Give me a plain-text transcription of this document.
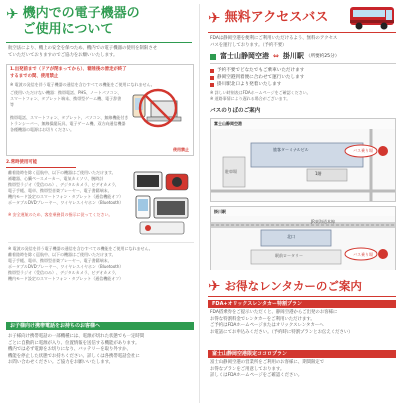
✈ 機内での電子機器の
ご使用について
航空法により、機上の安全を保つため、機内での電子機器の使用を制限させ
ていただいておりますのでご協力をお願いいたします。
1.出発前まで（ドアが閉まってから）、着陸後の滑走が終了
するまでの間、使用禁止
※ 電波の発信を伴う電子機器の通信を含むすべての機能をご使用になれません。
ご使用いただけない機器：携帯電話、PHS、ノートパソコン、
スマートフォン、タブレット端末、携帯型ゲーム機、電子辞書等
携帯電話、スマートフォン、タブレット、パソコン、無線機能付き
トランシーバー、無線操縦玩具、電子ゲーム機、双方向通信機器
各種機器の電源はお切りください。
使用禁止
2.常時使用可能
離着陸時を除く巡航中、以下の機器はご使用いただけます。
補聴器、心臓ペースメーカー、電気カミソリ、腕時計
携帯型ラジオ（受信のみ）、デジタルカメラ、ビデオカメラ、
電子手帳、電卓、携帯型音楽プレーヤー、電子書籍端末、
機内モード設定のスマートフォン・タブレット（通信機能オフ）
ポータブルDVDプレーヤー、ワイヤレスイヤホン（Bluetooth）
※ 安全運航のため、客室乗務員の指示に従ってください。
※ 電波の発信を伴う電子機器の通信を含むすべての機能をご使用になれません。
離着陸時を除く巡航中、以下の機器はご使用いただけます。
電子手帳、電卓、携帯型音楽プレーヤー、電子書籍端末、
ポータブルDVDプレーヤー、ワイヤレスイヤホン（Bluetooth）
携帯型ラジオ（受信のみ）、デジタルカメラ、ビデオカメラ、
機内モード設定のスマートフォン・タブレット（通信機能オフ）
お子様向け携帯電話をお持ちのお客様へ
お子様向け携帯電話の一部機種には、電源が切れた状態でも一定時間
ごとに自動的に電源が入り、位置情報を送信する機能があります。
機内では必ず電源をお切りになり、バッテリーを取り外すか、
機能を停止した状態でお持ちください。詳しくは各携帯電話会社に
お問い合わせください。ご協力をお願いいたします。
✈ 無料アクセスバス
FDAは静岡空港を便利にご利用いただけるよう、無料のアクセス
バスを運行しております。（予約不要）
富士山静岡空港 ⇔ 掛川駅 （所要約25分）
予約不要でどなたでもご乗車いただけます
静岡空港到着便に合わせて運行いたします
掛川駅北口より発着いたします
※ 詳しい時刻表はFDAホームページをご確認ください。
※ 道路事情により遅れる場合がございます。
バスのりばのご案内
富士山静岡空港
旅客ターミナルビル
1階
バス乗り場
駐車場
掛川駅
JR東海道本線
北口
駅前ロータリー	バス乗り場
✈ お得なレンタカーのご案内
FDA+オリックスレンタカー特割プラン
FDA搭乗券をご提示いただくと、静岡空港からご出発のお客様に
お得な特割料金でレンタカーをご利用いただけます。
ご予約はFDAホームページまたはオリックスレンタカーへ
お電話にてお申込みください。（予約時に特割プランとお伝えください）
富士山静岡空港限定ココロプラン
富士山静岡空港の営業所をご利用のお客様に、期間限定で
お得なプランをご用意しております。
詳しくはFDAホームページをご確認ください。
